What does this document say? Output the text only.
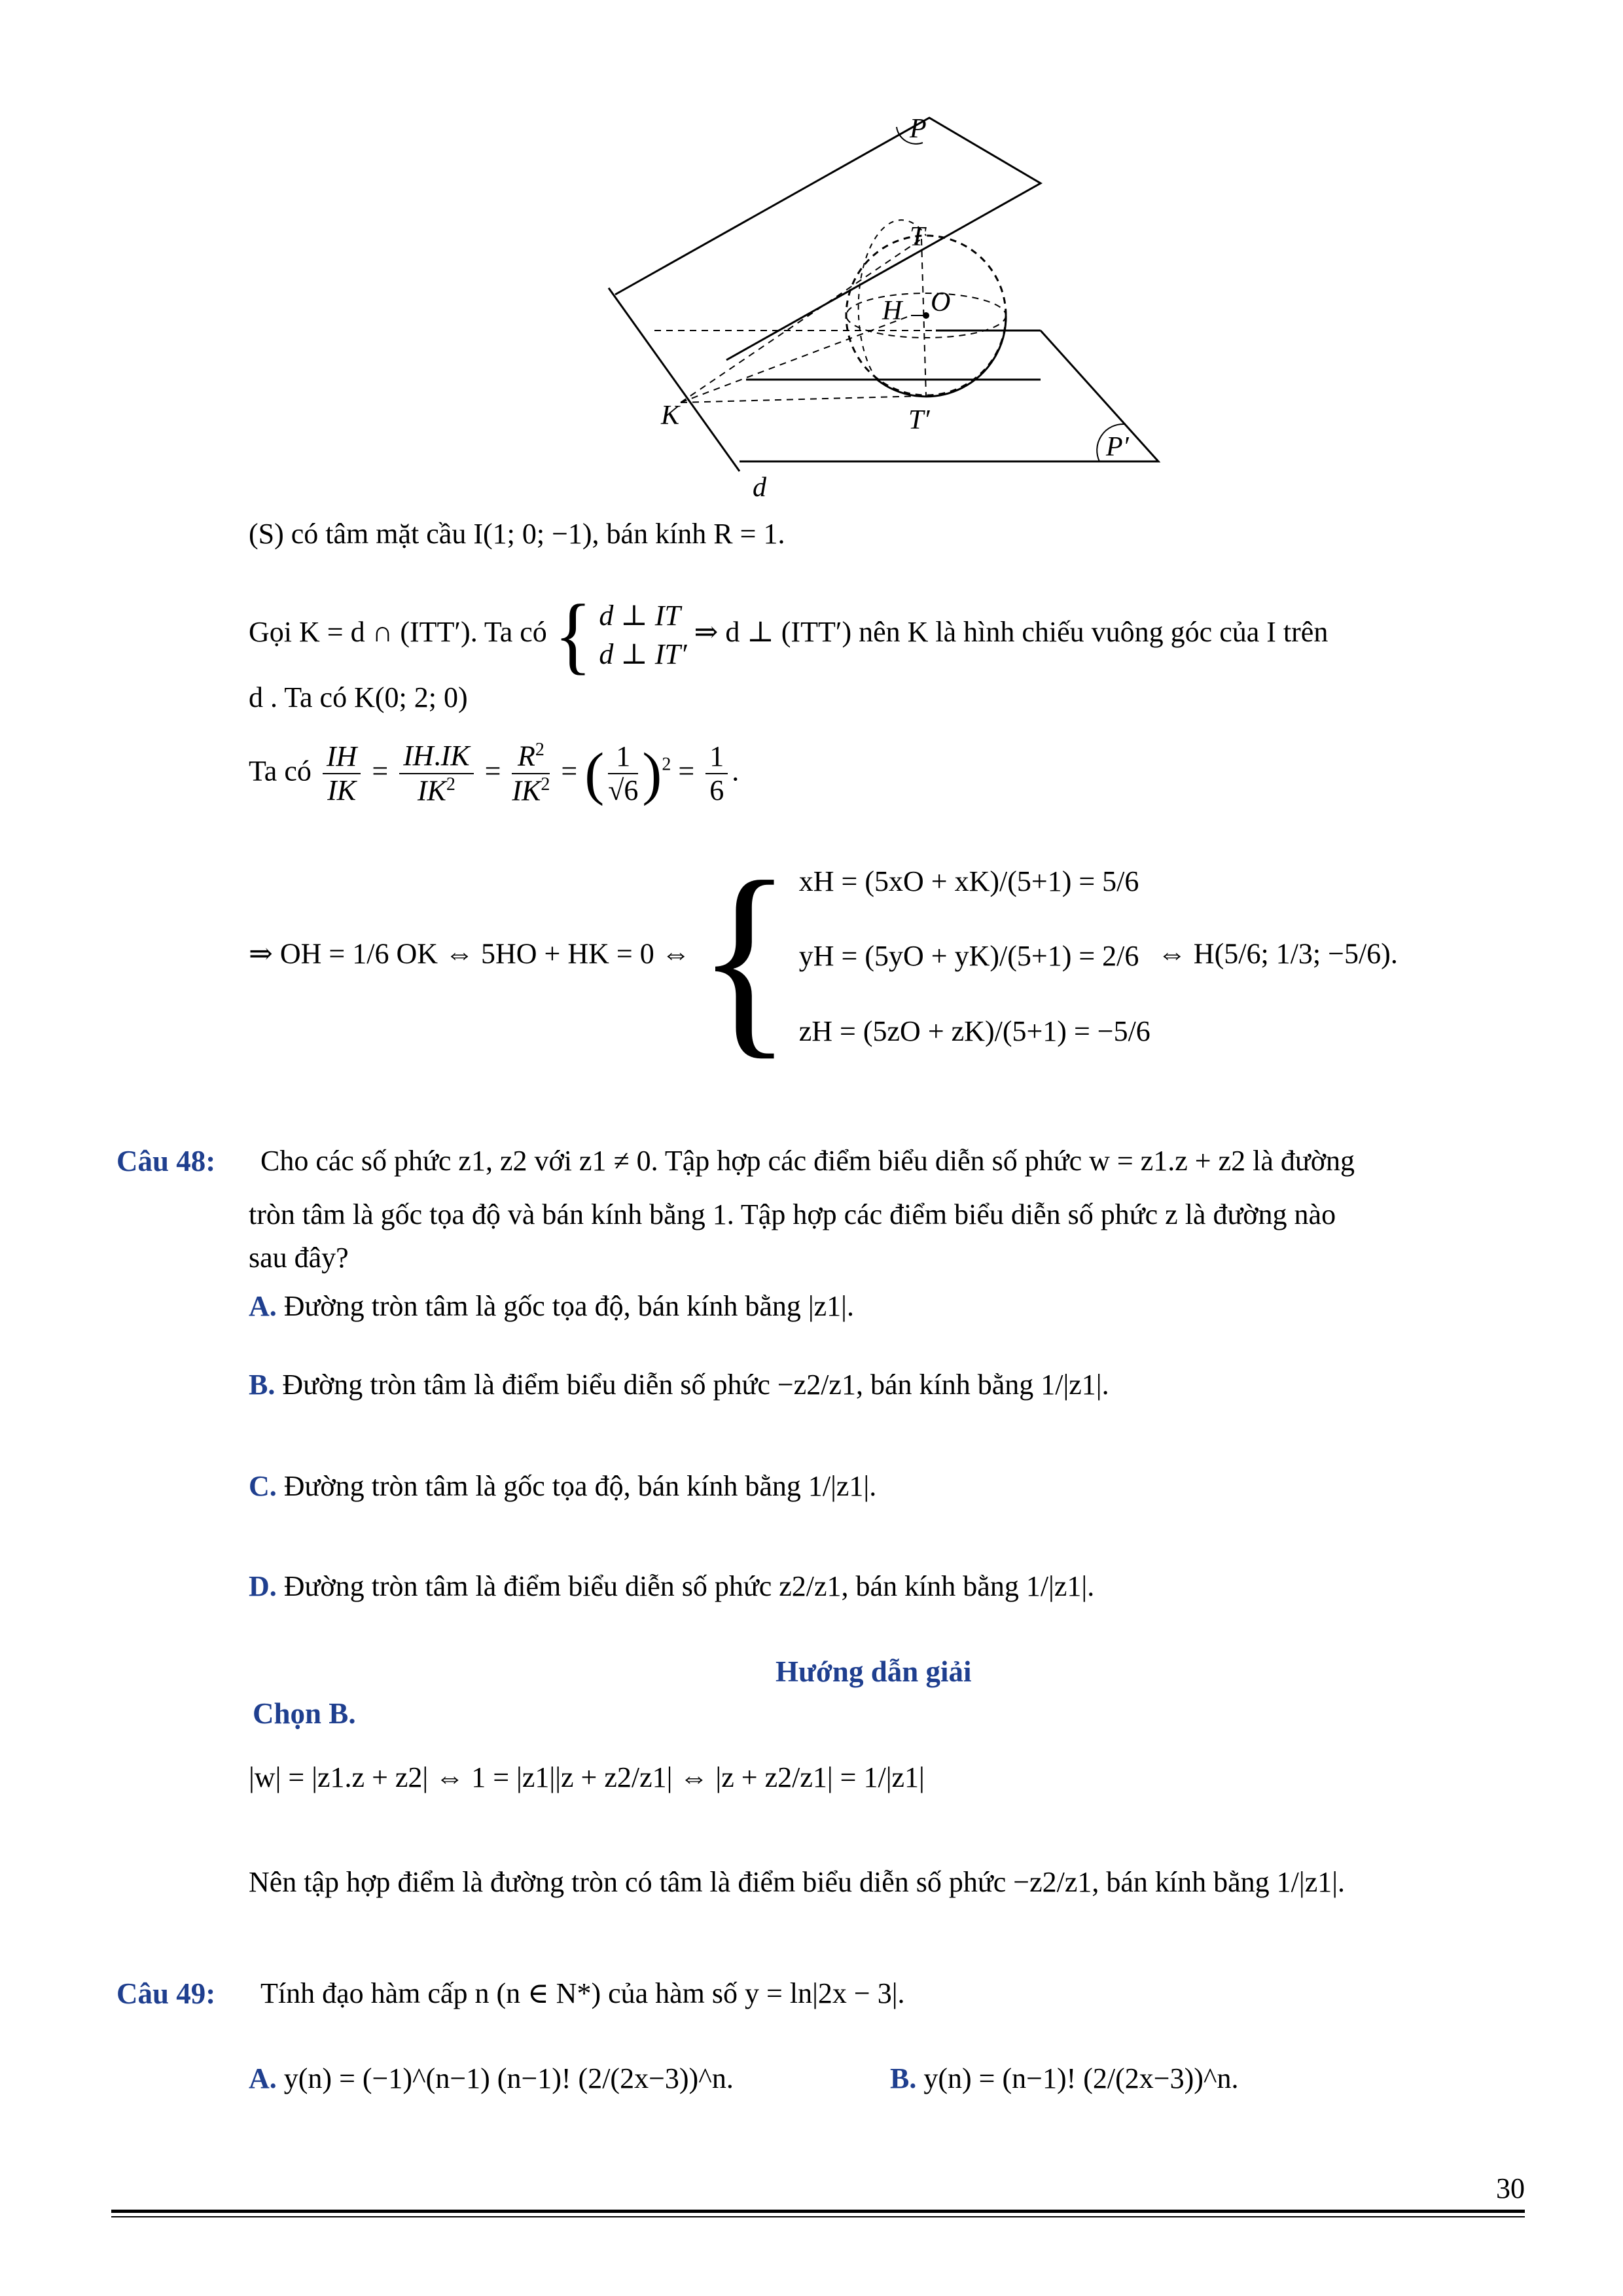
P
T
H O
K	T′
P′
d
(S) có tâm mặt cầu I(1; 0; −1), bán kính R = 1.
Gọi K = d ∩ (ITT′). Ta có { d ⊥ IT
d ⊥ IT′
⇒ d ⊥ (ITT′) nên K là hình chiếu vuông góc của I trên
d . Ta có K(0; 2; 0)
Ta có $\frac{IH}{IK} = \frac{IH.IK}{IK^2} = \frac{R^2}{IK^2}$ = ( $\frac{1}{√6} )^2 = \frac{1}{6}$ .
⇒ OH = 1/6 OK ⇔ 5HO + HK = 0 ⇔ { xH = (5xO + xK)/(5+1) = 5/6
yH = (5yO + yK)/(5+1) = 2/6
zH = (5zO + zK)/(5+1) = −5/6
⇔ H(5/6; 1/3; −5/6).
Câu 48: Cho các số phức z1, z2 với z1 ≠ 0. Tập hợp các điểm biểu diễn số phức w = z1.z + z2 là đường
tròn tâm là gốc tọa độ và bán kính bằng 1. Tập hợp các điểm biểu diễn số phức z là đường nào
sau đây?
A. Đường tròn tâm là gốc tọa độ, bán kính bằng |z1|.
B. Đường tròn tâm là điểm biểu diễn số phức −z2/z1, bán kính bằng 1/|z1|.
C. Đường tròn tâm là gốc tọa độ, bán kính bằng 1/|z1|.
D. Đường tròn tâm là điểm biểu diễn số phức z2/z1, bán kính bằng 1/|z1|.
Hướng dẫn giải
Chọn B.
|w| = |z1.z + z2| ⇔ 1 = |z1||z + z2/z1| ⇔ |z + z2/z1| = 1/|z1|
Nên tập hợp điểm là đường tròn có tâm là điểm biểu diễn số phức −z2/z1, bán kính bằng 1/|z1|.
Câu 49: Tính đạo hàm cấp n (n ∈ N*) của hàm số y = ln|2x − 3|.
A. y(n) = (−1)^(n−1) (n−1)! (2/(2x−3))^n.	B. y(n) = (n−1)! (2/(2x−3))^n.
30
